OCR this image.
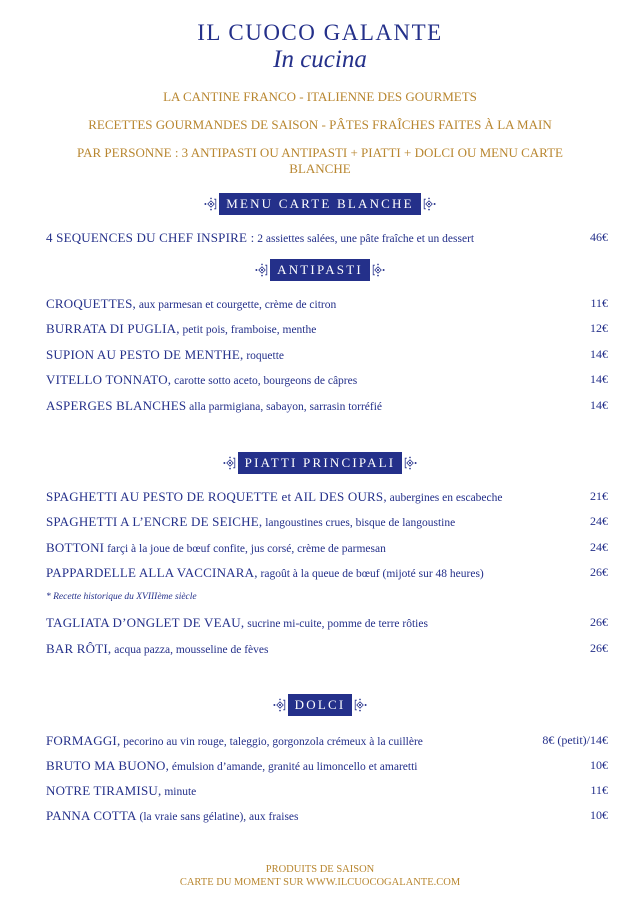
IL CUOCO GALANTE
In cucina
LA CANTINE FRANCO - ITALIENNE DES GOURMETS
RECETTES GOURMANDES DE SAISON - PÂTES FRAÎCHES FAITES À LA MAIN
PAR PERSONNE : 3 ANTIPASTI OU ANTIPASTI + PIATTI + DOLCI OU MENU CARTE BLANCHE
MENU CARTE BLANCHE
4 SEQUENCES DU CHEF INSPIRE : 2 assiettes salées, une pâte fraîche et un dessert	46€
ANTIPASTI
CROQUETTES, aux parmesan et courgette, crème de citron	11€
BURRATA DI PUGLIA, petit pois, framboise, menthe	12€
SUPION AU PESTO DE MENTHE, roquette	14€
VITELLO TONNATO, carotte sotto aceto, bourgeons de câpres	14€
ASPERGES BLANCHES alla parmigiana, sabayon, sarrasin torréfié	14€
PIATTI PRINCIPALI
SPAGHETTI AU PESTO DE ROQUETTE et AIL DES OURS, aubergines en escabeche	21€
SPAGHETTI A L’ENCRE DE SEICHE, langoustines crues, bisque de langoustine	24€
BOTTONI farçi à la joue de bœuf confite, jus corsé, crème de parmesan	24€
PAPPARDELLE ALLA VACCINARA, ragoût à la queue de bœuf (mijoté sur 48 heures)	26€
* Recette historique du XVIIIème siècle
TAGLIATA D’ONGLET DE VEAU, sucrine mi-cuite, pomme de terre rôties	26€
BAR RÔTI, acqua pazza, mousseline de fèves	26€
DOLCI
FORMAGGI, pecorino au vin rouge, taleggio, gorgonzola crémeux à la cuillère	8€ (petit)/14€
BRUTO MA BUONO, émulsion d’amande, granité au limoncello et amaretti	10€
NOTRE TIRAMISU, minute	11€
PANNA COTTA (la vraie sans gélatine), aux fraises	10€
PRODUITS DE SAISON
CARTE DU MOMENT SUR WWW.ILCUOCOGALANTE.COM
